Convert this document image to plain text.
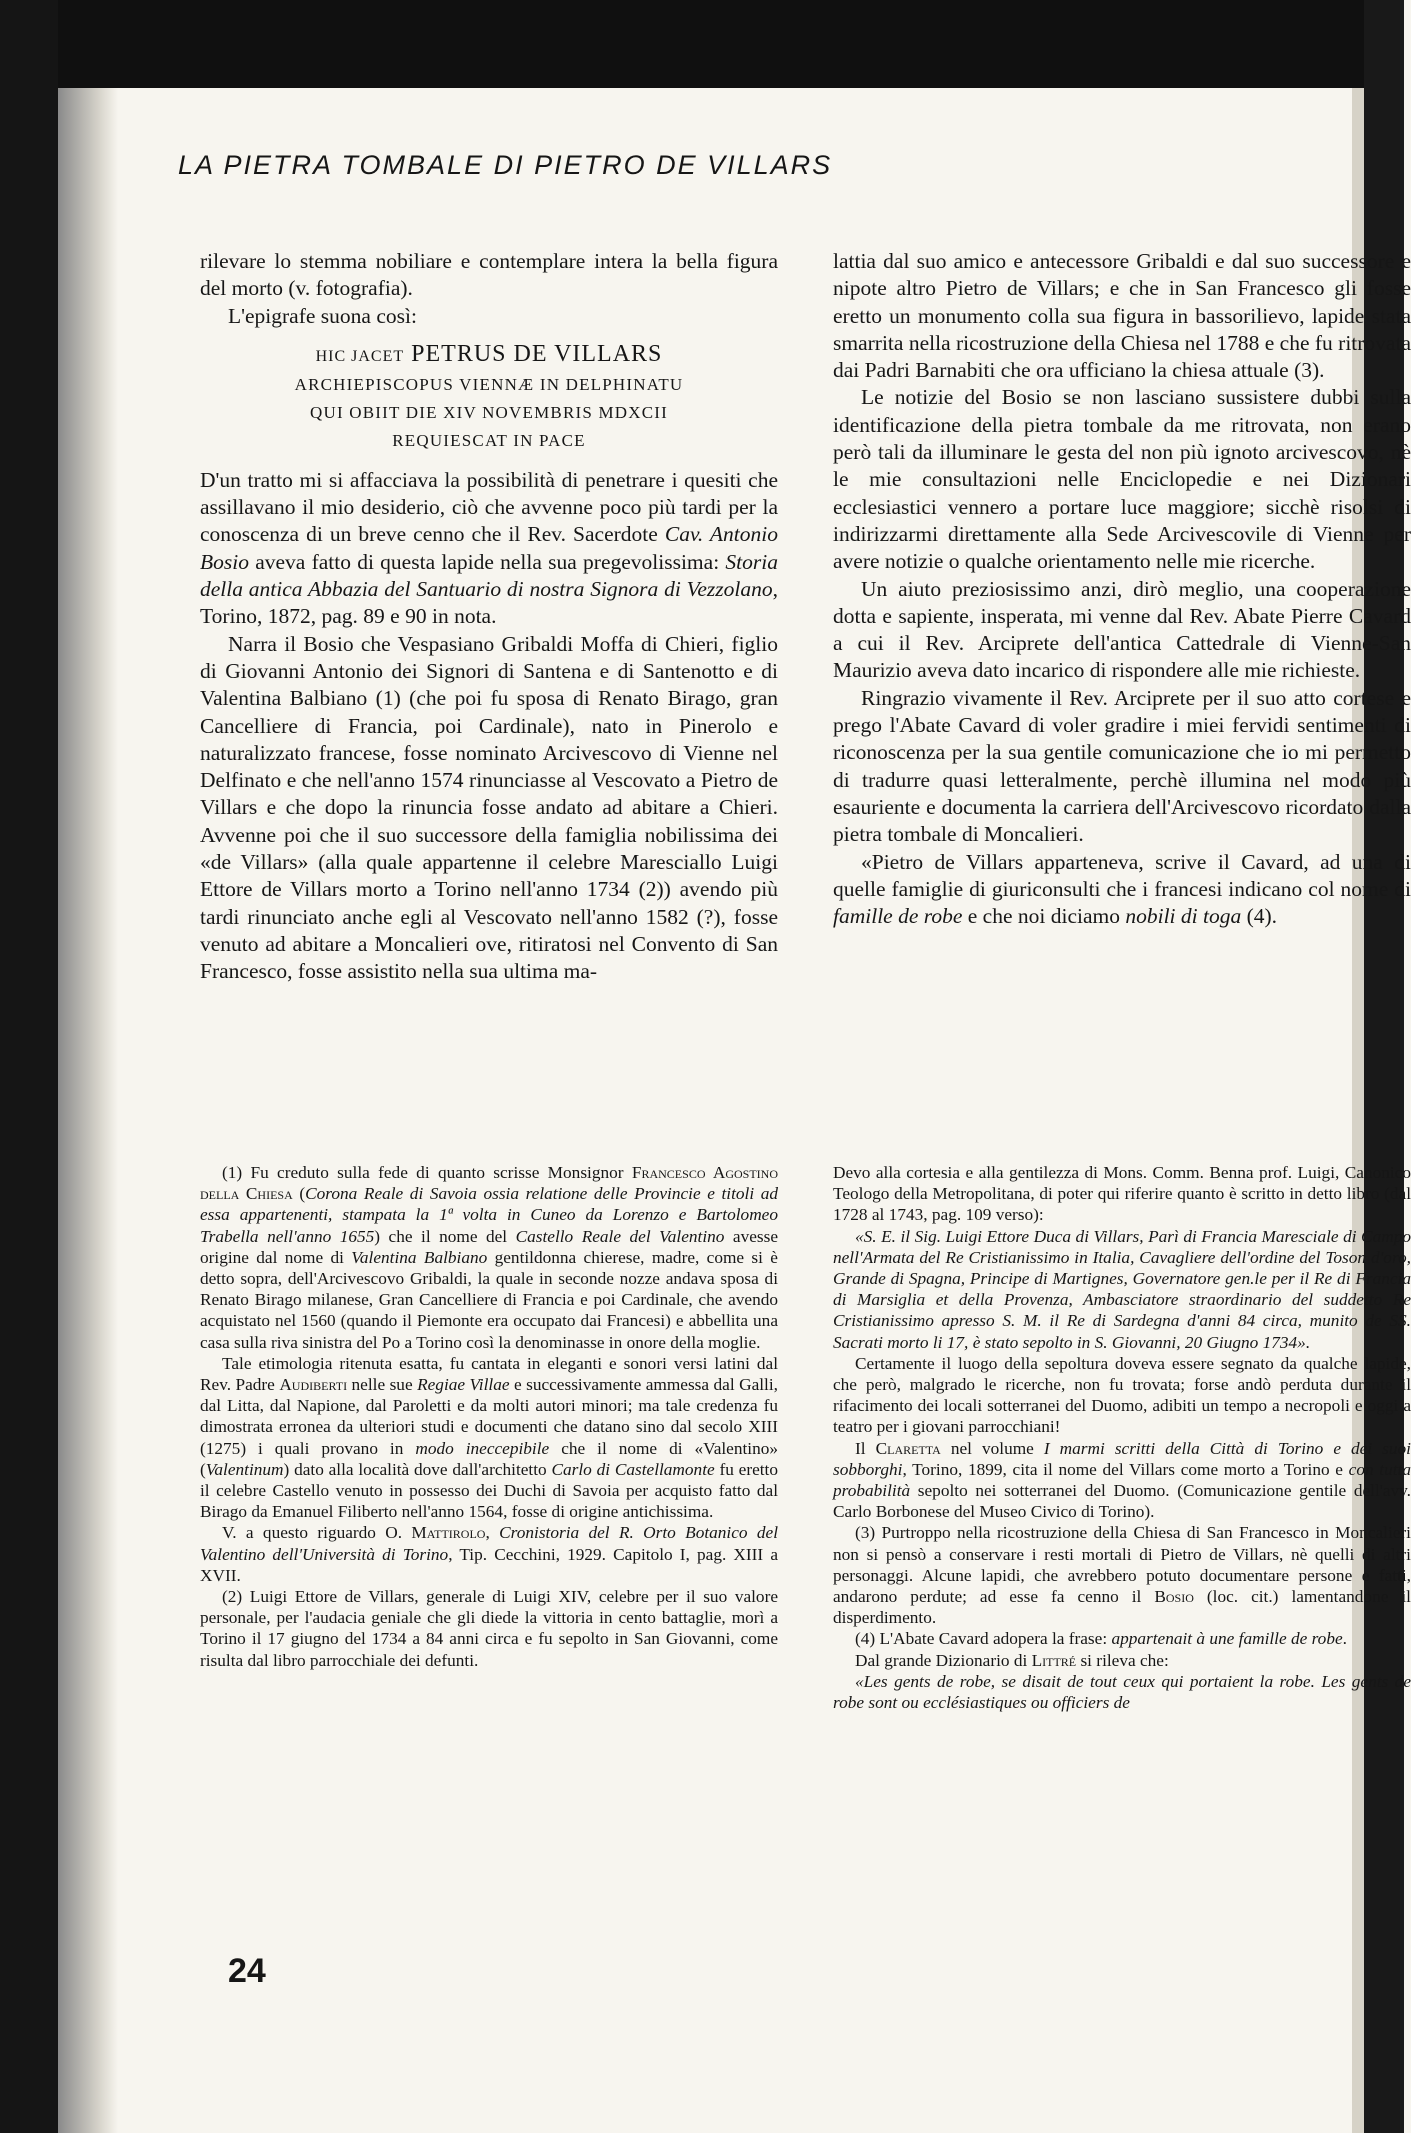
LA PIETRA TOMBALE DI PIETRO DE VILLARS

rilevare lo stemma nobiliare e contemplare intera la bella figura del morto (v. fotografia).

L'epigrafe suona così:

HIC JACET PETRUS DE VILLARS
ARCHIEPISCOPUS VIENNÆ IN DELPHINATU
QUI OBIIT DIE XIV NOVEMBRIS MDXCII
REQUIESCAT IN PACE

D'un tratto mi si affacciava la possibilità di penetrare i quesiti che assillavano il mio desiderio, ciò che avvenne poco più tardi per la conoscenza di un breve cenno che il Rev. Sacerdote Cav. Antonio Bosio aveva fatto di questa lapide nella sua pregevolissima: Storia della antica Abbazia del Santuario di nostra Signora di Vezzolano, Torino, 1872, pag. 89 e 90 in nota.

Narra il Bosio che Vespasiano Gribaldi Moffa di Chieri, figlio di Giovanni Antonio dei Signori di Santena e di Santenotto e di Valentina Balbiano (1) (che poi fu sposa di Renato Birago, gran Cancelliere di Francia, poi Cardinale), nato in Pinerolo e naturalizzato francese, fosse nominato Arcivescovo di Vienne nel Delfinato e che nell'anno 1574 rinunciasse al Vescovato a Pietro de Villars e che dopo la rinuncia fosse andato ad abitare a Chieri. Avvenne poi che il suo successore della famiglia nobilissima dei «de Villars» (alla quale appartenne il celebre Maresciallo Luigi Ettore de Villars morto a Torino nell'anno 1734 (2)) avendo più tardi rinunciato anche egli al Vescovato nell'anno 1582 (?), fosse venuto ad abitare a Moncalieri ove, ritiratosi nel Convento di San Francesco, fosse assistito nella sua ultima ma-

lattia dal suo amico e antecessore Gribaldi e dal suo successore e nipote altro Pietro de Villars; e che in San Francesco gli fosse eretto un monumento colla sua figura in bassorilievo, lapide stata smarrita nella ricostruzione della Chiesa nel 1788 e che fu ritrovata dai Padri Barnabiti che ora ufficiano la chiesa attuale (3).

Le notizie del Bosio se non lasciano sussistere dubbi sulla identificazione della pietra tombale da me ritrovata, non erano però tali da illuminare le gesta del non più ignoto arcivescovo, nè le mie consultazioni nelle Enciclopedie e nei Dizionari ecclesiastici vennero a portare luce maggiore; sicchè risolsi di indirizzarmi direttamente alla Sede Arcivescovile di Vienne per avere notizie o qualche orientamento nelle mie ricerche.

Un aiuto preziosissimo anzi, dirò meglio, una cooperazione dotta e sapiente, insperata, mi venne dal Rev. Abate Pierre Cavard a cui il Rev. Arciprete dell'antica Cattedrale di Vienne-San Maurizio aveva dato incarico di rispondere alle mie richieste.

Ringrazio vivamente il Rev. Arciprete per il suo atto cortese e prego l'Abate Cavard di voler gradire i miei fervidi sentimenti di riconoscenza per la sua gentile comunicazione che io mi permetto di tradurre quasi letteralmente, perchè illumina nel modo più esauriente e documenta la carriera dell'Arcivescovo ricordato dalla pietra tombale di Moncalieri.

«Pietro de Villars apparteneva, scrive il Cavard, ad una di quelle famiglie di giuriconsulti che i francesi indicano col nome di famille de robe e che noi diciamo nobili di toga (4).

(1) Fu creduto sulla fede di quanto scrisse Monsignor Francesco Agostino della Chiesa (Corona Reale di Savoia ossia relatione delle Provincie e titoli ad essa appartenenti, stampata la 1ª volta in Cuneo da Lorenzo e Bartolomeo Trabella nell'anno 1655) che il nome del Castello Reale del Valentino avesse origine dal nome di Valentina Balbiano gentildonna chierese, madre, come si è detto sopra, dell'Arcivescovo Gribaldi, la quale in seconde nozze andava sposa di Renato Birago milanese, Gran Cancelliere di Francia e poi Cardinale, che avendo acquistato nel 1560 (quando il Piemonte era occupato dai Francesi) e abbellita una casa sulla riva sinistra del Po a Torino così la denominasse in onore della moglie.

Tale etimologia ritenuta esatta, fu cantata in eleganti e sonori versi latini dal Rev. Padre Audiberti nelle sue Regiae Villae e successivamente ammessa dal Galli, dal Litta, dal Napione, dal Paroletti e da molti autori minori; ma tale credenza fu dimostrata erronea da ulteriori studi e documenti che datano sino dal secolo XIII (1275) i quali provano in modo ineccepibile che il nome di «Valentino» (Valentinum) dato alla località dove dall'architetto Carlo di Castellamonte fu eretto il celebre Castello venuto in possesso dei Duchi di Savoia per acquisto fatto dal Birago da Emanuel Filiberto nell'anno 1564, fosse di origine antichissima.

V. a questo riguardo O. Mattirolo, Cronistoria del R. Orto Botanico del Valentino dell'Università di Torino, Tip. Cecchini, 1929. Capitolo I, pag. XIII a XVII.

(2) Luigi Ettore de Villars, generale di Luigi XIV, celebre per il suo valore personale, per l'audacia geniale che gli diede la vittoria in cento battaglie, morì a Torino il 17 giugno del 1734 a 84 anni circa e fu sepolto in San Giovanni, come risulta dal libro parrocchiale dei defunti.

Devo alla cortesia e alla gentilezza di Mons. Comm. Benna prof. Luigi, Canonico Teologo della Metropolitana, di poter qui riferire quanto è scritto in detto libro (dal 1728 al 1743, pag. 109 verso):

«S. E. il Sig. Luigi Ettore Duca di Villars, Parì di Francia Maresciale di Campo nell'Armata del Re Cristianissimo in Italia, Cavagliere dell'ordine del Toson d'oro, Grande di Spagna, Principe di Martignes, Governatore gen.le per il Re di Francia di Marsiglia et della Provenza, Ambasciatore straordinario del suddetto Re Cristianissimo apresso S. M. il Re di Sardegna d'anni 84 circa, munito de SS. Sacrati morto li 17, è stato sepolto in S. Giovanni, 20 Giugno 1734».

Certamente il luogo della sepoltura doveva essere segnato da qualche lapide, che però, malgrado le ricerche, non fu trovata; forse andò perduta durante il rifacimento dei locali sotterranei del Duomo, adibiti un tempo a necropoli e oggi a teatro per i giovani parrocchiani!

Il Claretta nel volume I marmi scritti della Città di Torino e dei suoi sobborghi, Torino, 1899, cita il nome del Villars come morto a Torino e con tutta probabilità sepolto nei sotterranei del Duomo. (Comunicazione gentile dell'avv. Carlo Borbonese del Museo Civico di Torino).

(3) Purtroppo nella ricostruzione della Chiesa di San Francesco in Moncalieri non si pensò a conservare i resti mortali di Pietro de Villars, nè quelli di altri personaggi. Alcune lapidi, che avrebbero potuto documentare persone e fatti, andarono perdute; ad esse fa cenno il Bosio (loc. cit.) lamentandone il disperdimento.

(4) L'Abate Cavard adopera la frase: appartenait à une famille de robe.

Dal grande Dizionario di Littré si rileva che:

«Les gents de robe, se disait de tout ceux qui portaient la robe. Les gents de robe sont ou ecclésiastiques ou officiers de

24
